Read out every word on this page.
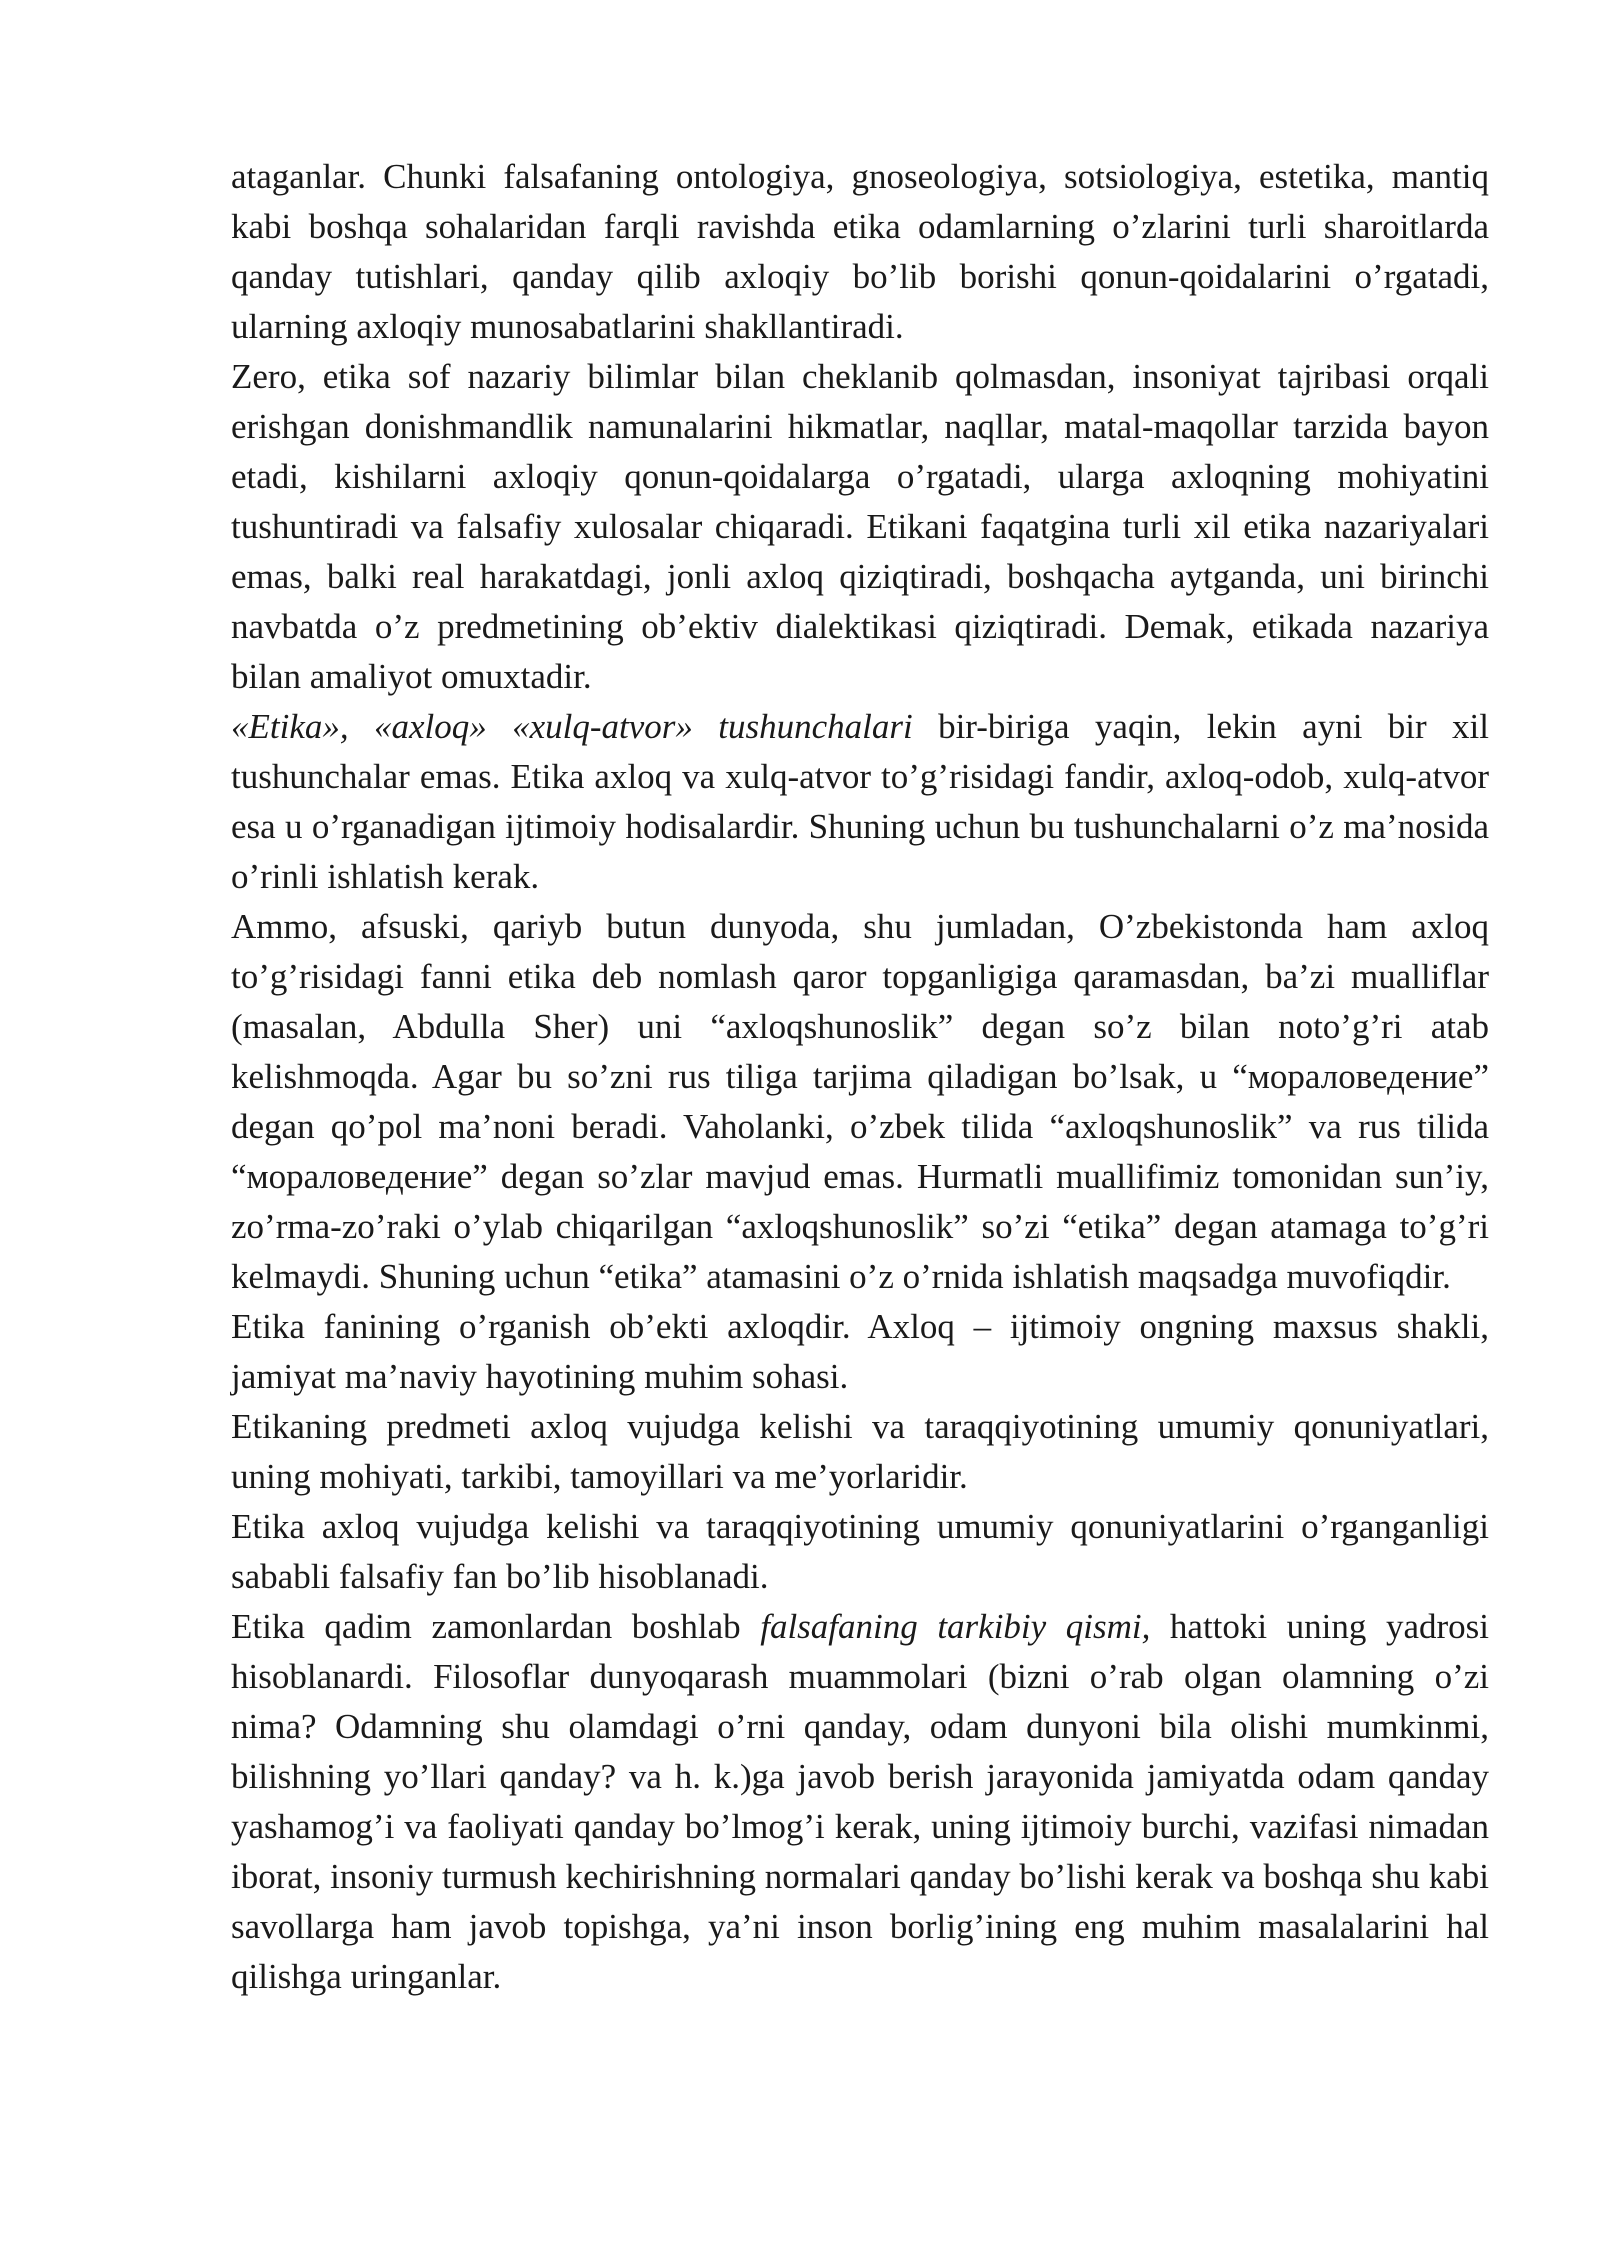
ataganlar. Chunki falsafaning ontologiya, gnoseologiya, sotsiologiya, estetika, mantiq kabi boshqa sohalaridan farqli ravishda etika odamlarning o’zlarini turli sharoitlarda qanday tutishlari, qanday qilib axloqiy bo’lib borishi qonun-qoidalarini o’rgatadi, ularning axloqiy munosabatlarini shakllantiradi.

Zero, etika sof nazariy bilimlar bilan cheklanib qolmasdan, insoniyat tajribasi orqali erishgan donishmandlik namunalarini hikmatlar, naqllar, matal-maqollar tarzida bayon etadi, kishilarni axloqiy qonun-qoidalarga o’rgatadi, ularga axloqning mohiyatini tushuntiradi va falsafiy xulosalar chiqaradi. Etikani faqatgina turli xil etika nazariyalari emas, balki real harakatdagi, jonli axloq qiziqtiradi, boshqacha aytganda, uni birinchi navbatda o’z predmetining ob’ektiv dialektikasi qiziqtiradi. Demak, etikada nazariya bilan amaliyot omuxtadir.

«Etika», «axloq» «xulq-atvor» tushunchalari bir-biriga yaqin, lekin ayni bir xil tushunchalar emas. Etika axloq va xulq-atvor to’g’risidagi fandir, axloq-odob, xulq-atvor esa u o’rganadigan ijtimoiy hodisalardir. Shuning uchun bu tushunchalarni o’z ma’nosida o’rinli ishlatish kerak.

Ammo, afsuski, qariyb butun dunyoda, shu jumladan, O’zbekistonda ham axloq to’g’risidagi fanni etika deb nomlash qaror topganligiga qaramasdan, ba’zi mualliflar (masalan, Abdulla Sher) uni “axloqshunoslik” degan so’z bilan noto’g’ri atab kelishmoqda. Agar bu so’zni rus tiliga tarjima qiladigan bo’lsak, u “мораловедение” degan qo’pol ma’noni beradi. Vaholanki, o’zbek tilida “axloqshunoslik” va rus tilida “мораловедение” degan so’zlar mavjud emas. Hurmatli muallifimiz tomonidan sun’iy, zo’rma-zo’raki o’ylab chiqarilgan “axloqshunoslik” so’zi “etika” degan atamaga to’g’ri kelmaydi. Shuning uchun “etika” atamasini o’z o’rnida ishlatish maqsadga muvofiqdir.

Etika fanining o’rganish ob’ekti axloqdir. Axloq – ijtimoiy ongning maxsus shakli, jamiyat ma’naviy hayotining muhim sohasi.

Etikaning predmeti axloq vujudga kelishi va taraqqiyotining umumiy qonuniyatlari, uning mohiyati, tarkibi, tamoyillari va me’yorlaridir.

Etika axloq vujudga kelishi va taraqqiyotining umumiy qonuniyatlarini o’rganganligi sababli falsafiy fan bo’lib hisoblanadi.

Etika qadim zamonlardan boshlab falsafaning tarkibiy qismi, hattoki uning yadrosi hisoblanardi. Filosoflar dunyoqarash muammolari (bizni o’rab olgan olamning o’zi nima? Odamning shu olamdagi o’rni qanday, odam dunyoni bila olishi mumkinmi, bilishning yo’llari qanday? va h. k.)ga javob berish jarayonida jamiyatda odam qanday yashamog’i va faoliyati qanday bo’lmog’i kerak, uning ijtimoiy burchi, vazifasi nimadan iborat, insoniy turmush kechirishning normalari qanday bo’lishi kerak va boshqa shu kabi savollarga ham javob topishga, ya’ni inson borlig’ining eng muhim masalalarini hal qilishga uringanlar.
